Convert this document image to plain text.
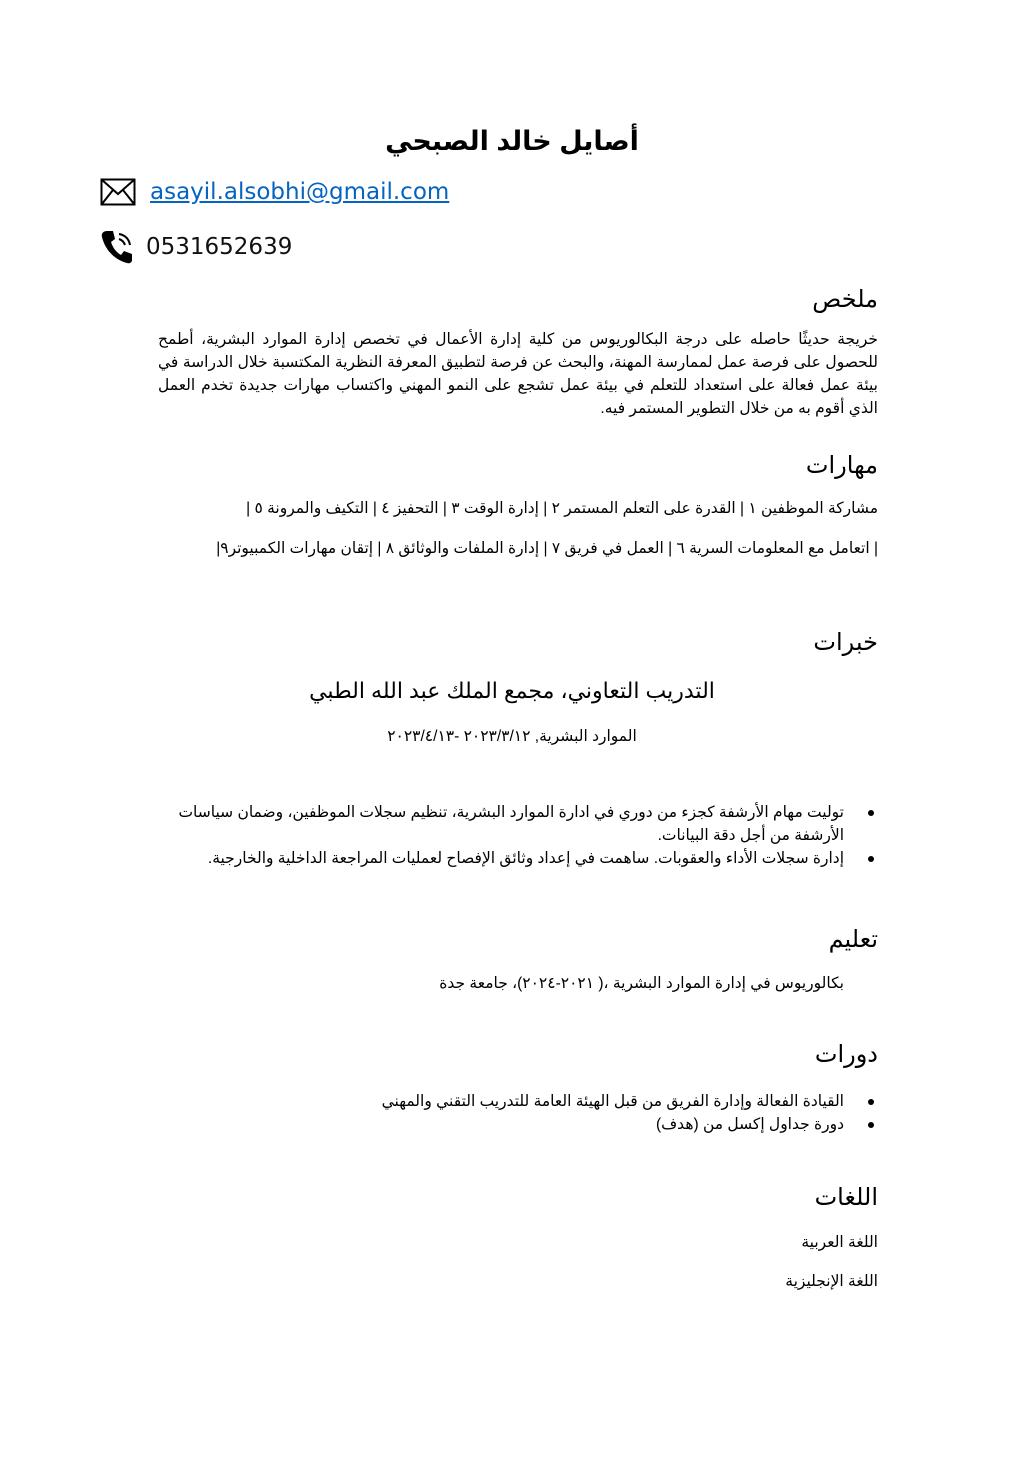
أصايل خالد الصبحي
asayil.alsobhi@gmail.com
0531652639
ملخص
خريجة حديثًا حاصله على درجة البكالوريوس من كلية إدارة الأعمال في تخصص إدارة الموارد البشرية، أطمح للحصول على فرصة عمل لممارسة المهنة، والبحث عن فرصة لتطبيق المعرفة النظرية المكتسبة خلال الدراسة في بيئة عمل فعالة على استعداد للتعلم في بيئة عمل تشجع على النمو المهني واكتساب مهارات جديدة تخدم العمل الذي أقوم به من خلال التطوير المستمر فيه.
مهارات
مشاركة الموظفين ١ | القدرة على التعلم المستمر ٢ | إدارة الوقت ٣ | التحفيز ٤ | التكيف والمرونة ٥ |
| اتعامل مع المعلومات السرية ٦ | العمل في فريق ٧ | إدارة الملفات والوثائق ٨ | إتقان مهارات الكمبيوتر٩|
خبرات
التدريب التعاوني، مجمع الملك عبد الله الطبي
الموارد البشرية, ٢٠٢٣/٣/١٢ -٢٠٢٣/٤/١٣
توليت مهام الأرشفة كجزء من دوري في ادارة الموارد البشرية، تنظيم سجلات الموظفين، وضمان سياسات الأرشفة من أجل دقة البيانات.
إدارة سجلات الأداء والعقوبات. ساهمت في إعداد وثائق الإفصاح لعمليات المراجعة الداخلية والخارجية.
تعليم
بكالوريوس في إدارة الموارد البشرية ،( ٢٠٢١-٢٠٢٤)، جامعة جدة
دورات
القيادة الفعالة وإدارة الفريق من قبل الهيئة العامة للتدريب التقني والمهني
دورة جداول إكسل من (هدف)
اللغات
اللغة العربية
اللغة الإنجليزية
